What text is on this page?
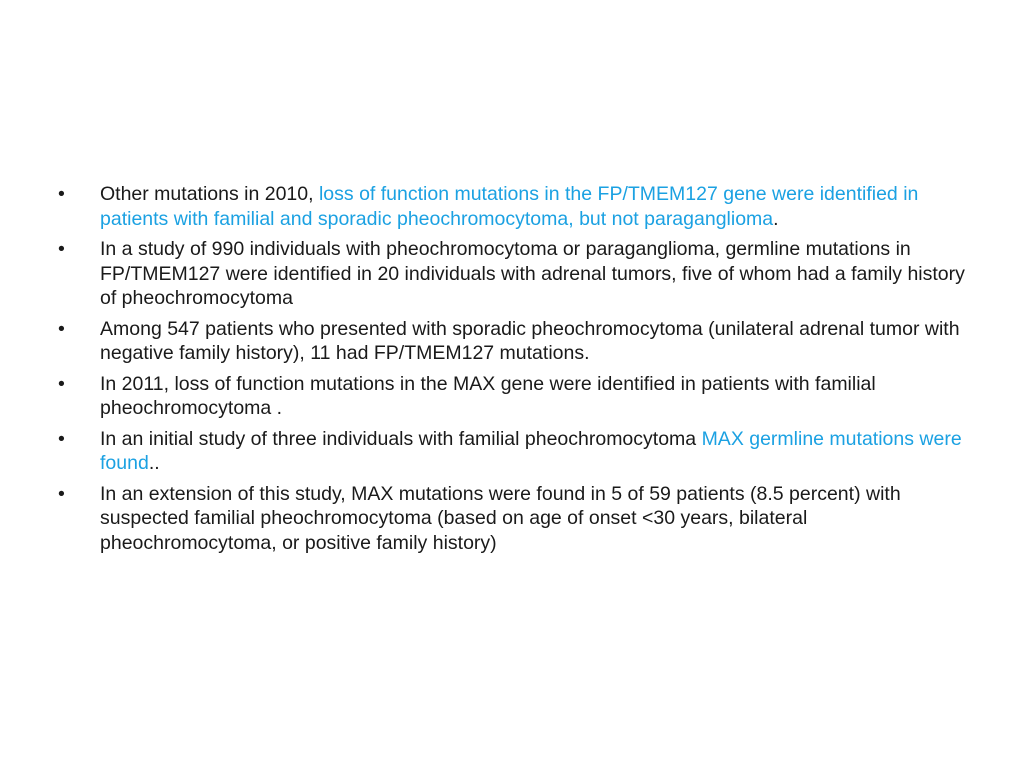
•	Other mutations in 2010, loss of function mutations in the FP/TMEM127 gene were identified in patients with familial and sporadic pheochromocytoma, but not paraganglioma.
•	In a study of 990 individuals with pheochromocytoma or paraganglioma, germline mutations in FP/TMEM127 were identified in 20 individuals with adrenal tumors, five of whom had a family history of pheochromocytoma
•	Among 547 patients who presented with sporadic pheochromocytoma (unilateral adrenal tumor with negative family history), 11 had FP/TMEM127 mutations.
•	In 2011, loss of function mutations in the MAX gene were identified in patients with familial pheochromocytoma .
•	In an initial study of three individuals with familial pheochromocytoma MAX germline mutations were found..
•	In an extension of this study, MAX mutations were found in 5 of 59 patients (8.5 percent) with suspected familial pheochromocytoma (based on age of onset <30 years, bilateral pheochromocytoma, or positive family history)
